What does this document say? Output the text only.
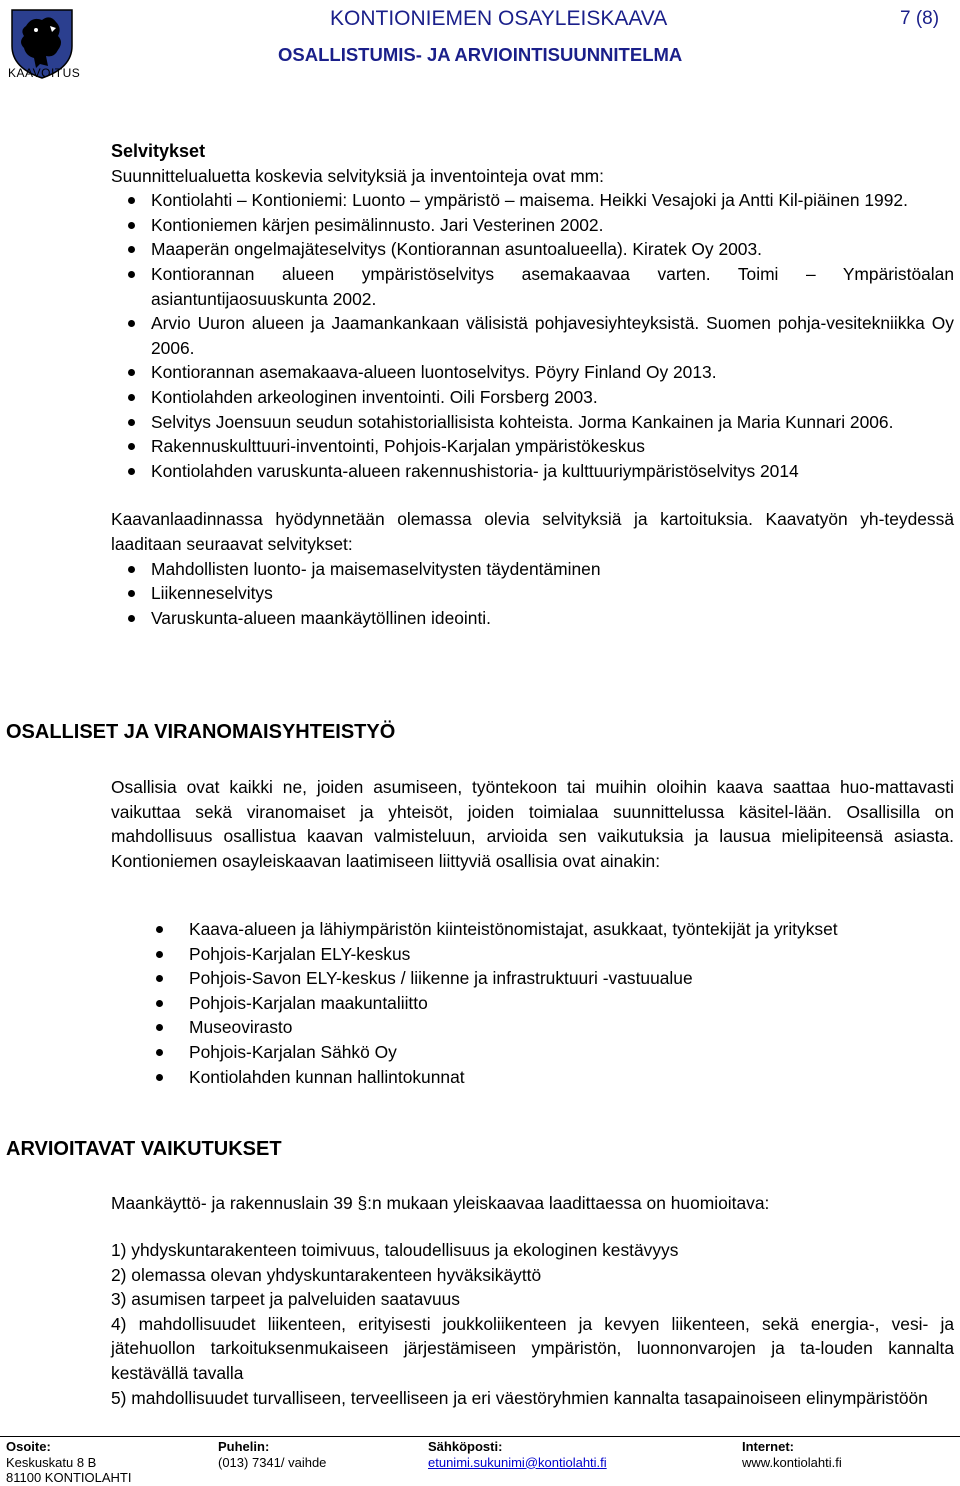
KAAVOITUS
KONTIONIEMEN OSAYLEISKAAVA	7 (8)
OSALLISTUMIS- JA ARVIOINTISUUNNITELMA
Selvitykset
Suunnittelualuetta koskevia selvityksiä ja inventointeja ovat mm:
Kontiolahti – Kontioniemi: Luonto – ympäristö – maisema. Heikki Vesajoki ja Antti Kil-piäinen 1992.
Kontioniemen kärjen pesimälinnusto. Jari Vesterinen 2002.
Maaperän ongelmajäteselvitys (Kontiorannan asuntoalueella). Kiratek Oy 2003.
Kontiorannan alueen ympäristöselvitys asemakaavaa varten. Toimi – Ympäristöalan asiantuntijaosuuskunta 2002.
Arvio Uuron alueen ja Jaamankankaan välisistä pohjavesiyhteyksistä. Suomen pohja-vesitekniikka Oy 2006.
Kontiorannan asemakaava-alueen luontoselvitys. Pöyry Finland Oy 2013.
Kontiolahden arkeologinen inventointi. Oili Forsberg 2003.
Selvitys Joensuun seudun sotahistoriallisista kohteista. Jorma Kankainen ja Maria Kunnari 2006.
Rakennuskulttuuri-inventointi, Pohjois-Karjalan ympäristökeskus
Kontiolahden varuskunta-alueen rakennushistoria- ja kulttuuriympäristöselvitys 2014
Kaavanlaadinnassa hyödynnetään olemassa olevia selvityksiä ja kartoituksia. Kaavatyön yh-teydessä laaditaan seuraavat selvitykset:
Mahdollisten luonto- ja maisemaselvitysten täydentäminen
Liikenneselvitys
Varuskunta-alueen maankäytöllinen ideointi.
OSALLISET JA VIRANOMAISYHTEISTYÖ
Osallisia ovat kaikki ne, joiden asumiseen, työntekoon tai muihin oloihin kaava saattaa huo-mattavasti vaikuttaa sekä viranomaiset ja yhteisöt, joiden toimialaa suunnittelussa käsitel-lään. Osallisilla on mahdollisuus osallistua kaavan valmisteluun, arvioida sen vaikutuksia ja lausua mielipiteensä asiasta. Kontioniemen osayleiskaavan laatimiseen liittyviä osallisia ovat ainakin:
Kaava-alueen ja lähiympäristön kiinteistönomistajat, asukkaat, työntekijät ja yritykset
Pohjois-Karjalan ELY-keskus
Pohjois-Savon ELY-keskus / liikenne ja infrastruktuuri -vastuualue
Pohjois-Karjalan maakuntaliitto
Museovirasto
Pohjois-Karjalan Sähkö Oy
Kontiolahden kunnan hallintokunnat
ARVIOITAVAT VAIKUTUKSET
Maankäyttö- ja rakennuslain 39 §:n mukaan yleiskaavaa laadittaessa on huomioitava:
1) yhdyskuntarakenteen toimivuus, taloudellisuus ja ekologinen kestävyys
2) olemassa olevan yhdyskuntarakenteen hyväksikäyttö
3) asumisen tarpeet ja palveluiden saatavuus
4) mahdollisuudet liikenteen, erityisesti joukkoliikenteen ja kevyen liikenteen, sekä energia-, vesi- ja jätehuollon tarkoituksenmukaiseen järjestämiseen ympäristön, luonnonvarojen ja ta-louden kannalta kestävällä tavalla
5) mahdollisuudet turvalliseen, terveelliseen ja eri väestöryhmien kannalta tasapainoiseen elinympäristöön
Osoite:
Keskuskatu 8 B
81100 KONTIOLAHTI
Puhelin:
(013) 7341/ vaihde
Sähköposti:
etunimi.sukunimi@kontiolahti.fi
Internet:
www.kontiolahti.fi
